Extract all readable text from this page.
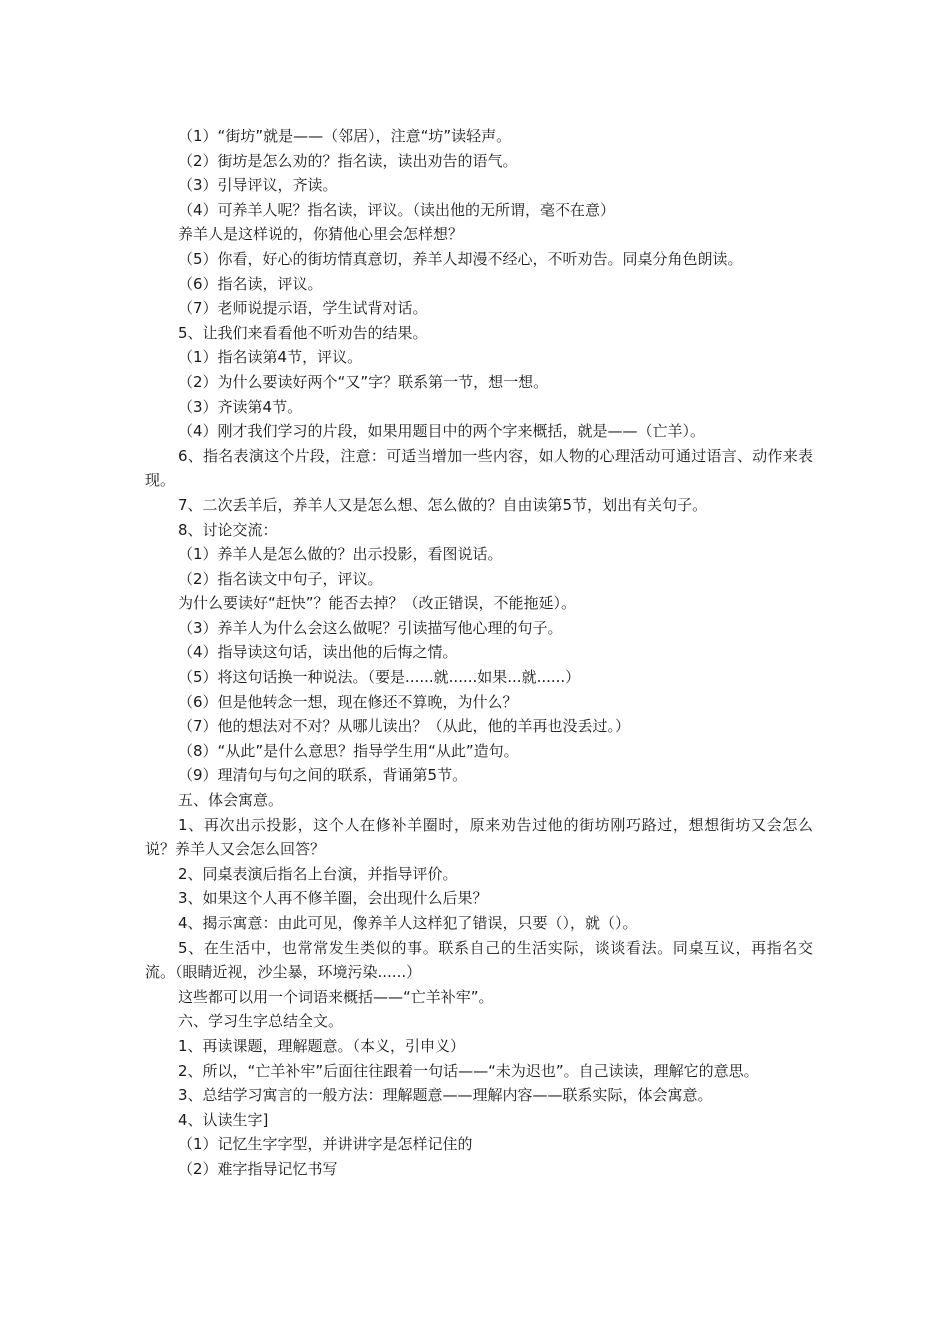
（1）“街坊”就是——（邻居），注意“坊”读轻声。

（2）街坊是怎么劝的？指名读，读出劝告的语气。

（3）引导评议，齐读。

（4）可养羊人呢？指名读，评议。（读出他的无所谓，毫不在意）

养羊人是这样说的，你猜他心里会怎样想？

（5）你看，好心的街坊情真意切，养羊人却漫不经心，不听劝告。同桌分角色朗读。

（6）指名读，评议。

（7）老师说提示语，学生试背对话。

5、让我们来看看他不听劝告的结果。

（1）指名读第4节，评议。

（2）为什么要读好两个“又”字？联系第一节，想一想。

（3）齐读第4节。

（4）刚才我们学习的片段，如果用题目中的两个字来概括，就是——（亡羊）。

6、指名表演这个片段，注意：可适当增加一些内容，如人物的心理活动可通过语言、动作来表现。

7、二次丢羊后，养羊人又是怎么想、怎么做的？自由读第5节，划出有关句子。

8、讨论交流：

（1）养羊人是怎么做的？出示投影，看图说话。

（2）指名读文中句子，评议。

为什么要读好“赶快”？能否去掉？（改正错误，不能拖延）。

（3）养羊人为什么会这么做呢？引读描写他心理的句子。

（4）指导读这句话，读出他的后悔之情。

（5）将这句话换一种说法。（要是......就......如果...就......）

（6）但是他转念一想，现在修还不算晚，为什么？

（7）他的想法对不对？从哪儿读出？（从此，他的羊再也没丢过。）

（8）“从此”是什么意思？指导学生用“从此”造句。

（9）理清句与句之间的联系，背诵第5节。

五、体会寓意。

1、再次出示投影，这个人在修补羊圈时，原来劝告过他的街坊刚巧路过，想想街坊又会怎么说？养羊人又会怎么回答？

2、同桌表演后指名上台演，并指导评价。

3、如果这个人再不修羊圈，会出现什么后果？

4、揭示寓意：由此可见，像养羊人这样犯了错误，只要（），就（）。

5、在生活中，也常常发生类似的事。联系自己的生活实际，谈谈看法。同桌互议，再指名交流。（眼睛近视，沙尘暴，环境污染......）

这些都可以用一个词语来概括——“亡羊补牢”。

六、学习生字总结全文。

1、再读课题，理解题意。（本义，引申义）

2、所以，“亡羊补牢”后面往往跟着一句话——“未为迟也”。自己读读，理解它的意思。

3、总结学习寓言的一般方法：理解题意——理解内容——联系实际，体会寓意。

4、认读生字]

（1）记忆生字字型，并讲讲字是怎样记住的

（2）难字指导记忆书写
